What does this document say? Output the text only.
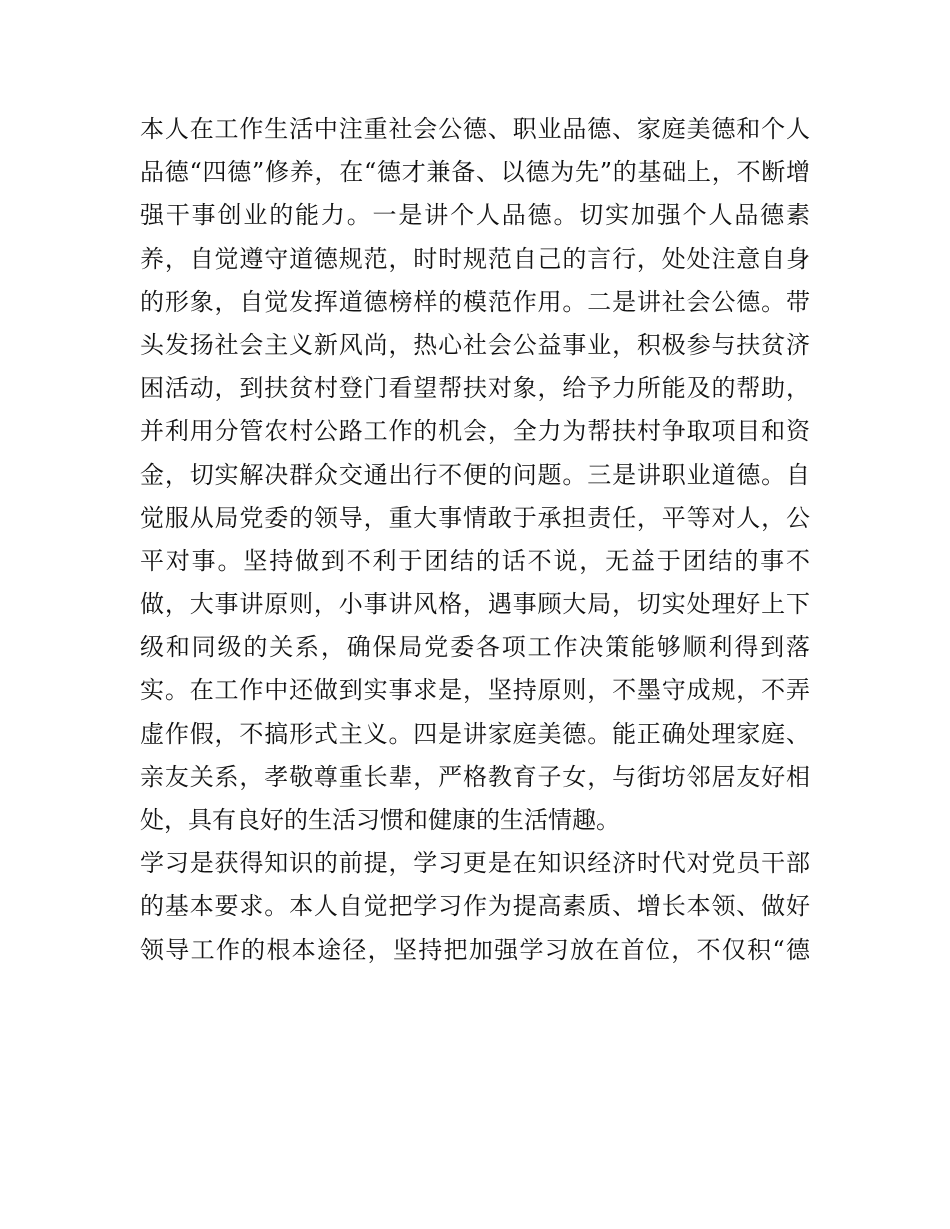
本人在工作生活中注重社会公德、职业品德、家庭美德和个人
品德“四德”修养，在“德才兼备、以德为先”的基础上，不断增
强干事创业的能力。一是讲个人品德。切实加强个人品德素
养，自觉遵守道德规范，时时规范自己的言行，处处注意自身
的形象，自觉发挥道德榜样的模范作用。二是讲社会公德。带
头发扬社会主义新风尚，热心社会公益事业，积极参与扶贫济
困活动，到扶贫村登门看望帮扶对象，给予力所能及的帮助，
并利用分管农村公路工作的机会，全力为帮扶村争取项目和资
金，切实解决群众交通出行不便的问题。三是讲职业道德。自
觉服从局党委的领导，重大事情敢于承担责任，平等对人，公
平对事。坚持做到不利于团结的话不说，无益于团结的事不
做，大事讲原则，小事讲风格，遇事顾大局，切实处理好上下
级和同级的关系，确保局党委各项工作决策能够顺利得到落
实。在工作中还做到实事求是，坚持原则，不墨守成规，不弄
虚作假，不搞形式主义。四是讲家庭美德。能正确处理家庭、
亲友关系，孝敬尊重长辈，严格教育子女，与街坊邻居友好相
处，具有良好的生活习惯和健康的生活情趣。
学习是获得知识的前提，学习更是在知识经济时代对党员干部
的基本要求。本人自觉把学习作为提高素质、增长本领、做好
领导工作的根本途径，坚持把加强学习放在首位，不仅积“德
